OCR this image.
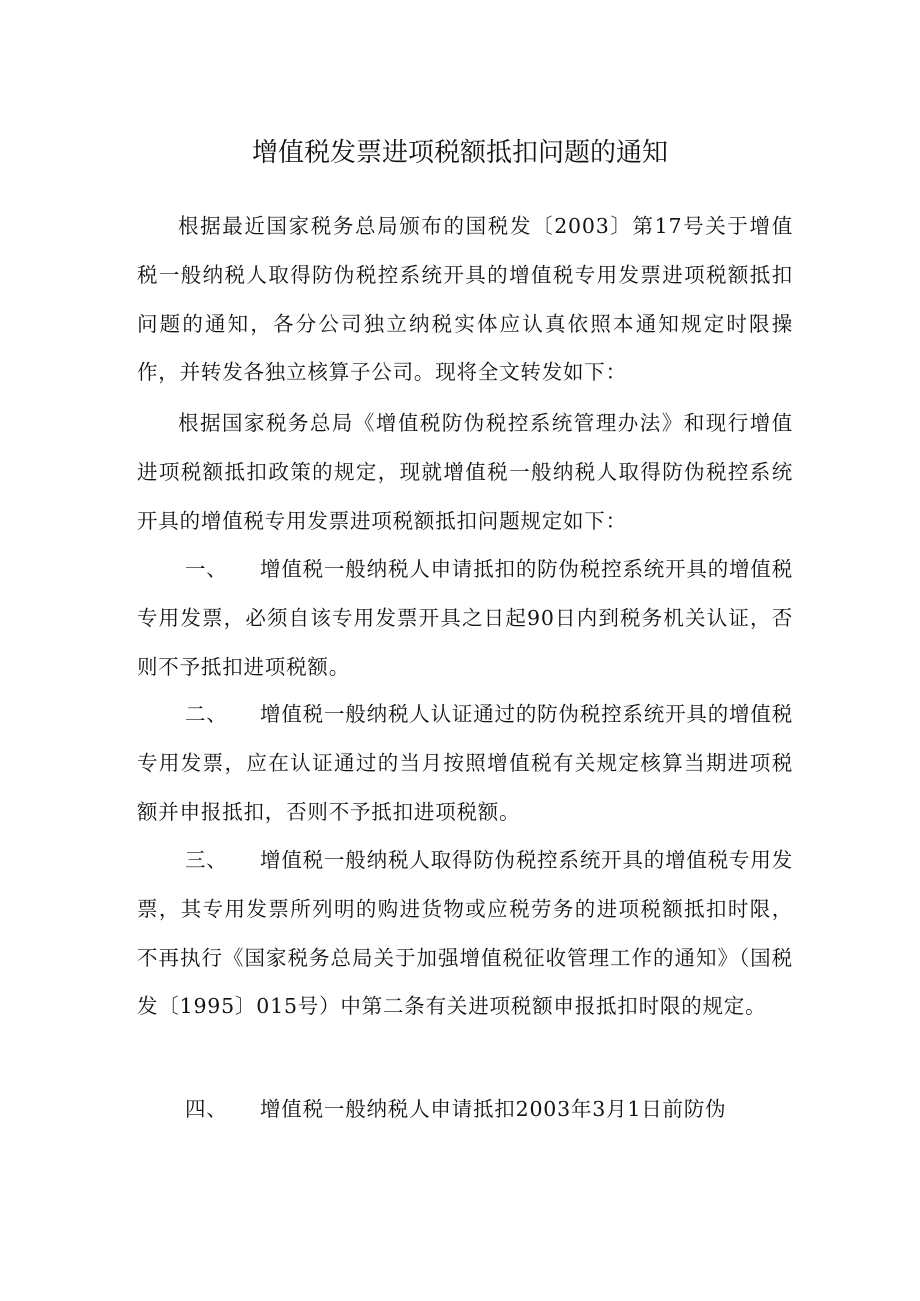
增值税发票进项税额抵扣问题的通知

根据最近国家税务总局颁布的国税发〔2003〕第17号关于增值税一般纳税人取得防伪税控系统开具的增值税专用发票进项税额抵扣问题的通知，各分公司独立纳税实体应认真依照本通知规定时限操作，并转发各独立核算子公司。现将全文转发如下：

根据国家税务总局《增值税防伪税控系统管理办法》和现行增值进项税额抵扣政策的规定，现就增值税一般纳税人取得防伪税控系统开具的增值税专用发票进项税额抵扣问题规定如下：

一、 增值税一般纳税人申请抵扣的防伪税控系统开具的增值税专用发票，必须自该专用发票开具之日起90日内到税务机关认证，否则不予抵扣进项税额。

二、 增值税一般纳税人认证通过的防伪税控系统开具的增值税专用发票，应在认证通过的当月按照增值税有关规定核算当期进项税额并申报抵扣，否则不予抵扣进项税额。

三、 增值税一般纳税人取得防伪税控系统开具的增值税专用发票，其专用发票所列明的购进货物或应税劳务的进项税额抵扣时限，不再执行《国家税务总局关于加强增值税征收管理工作的通知》（国税发〔1995〕015号）中第二条有关进项税额申报抵扣时限的规定。

四、 增值税一般纳税人申请抵扣2003年3月1日前防伪
